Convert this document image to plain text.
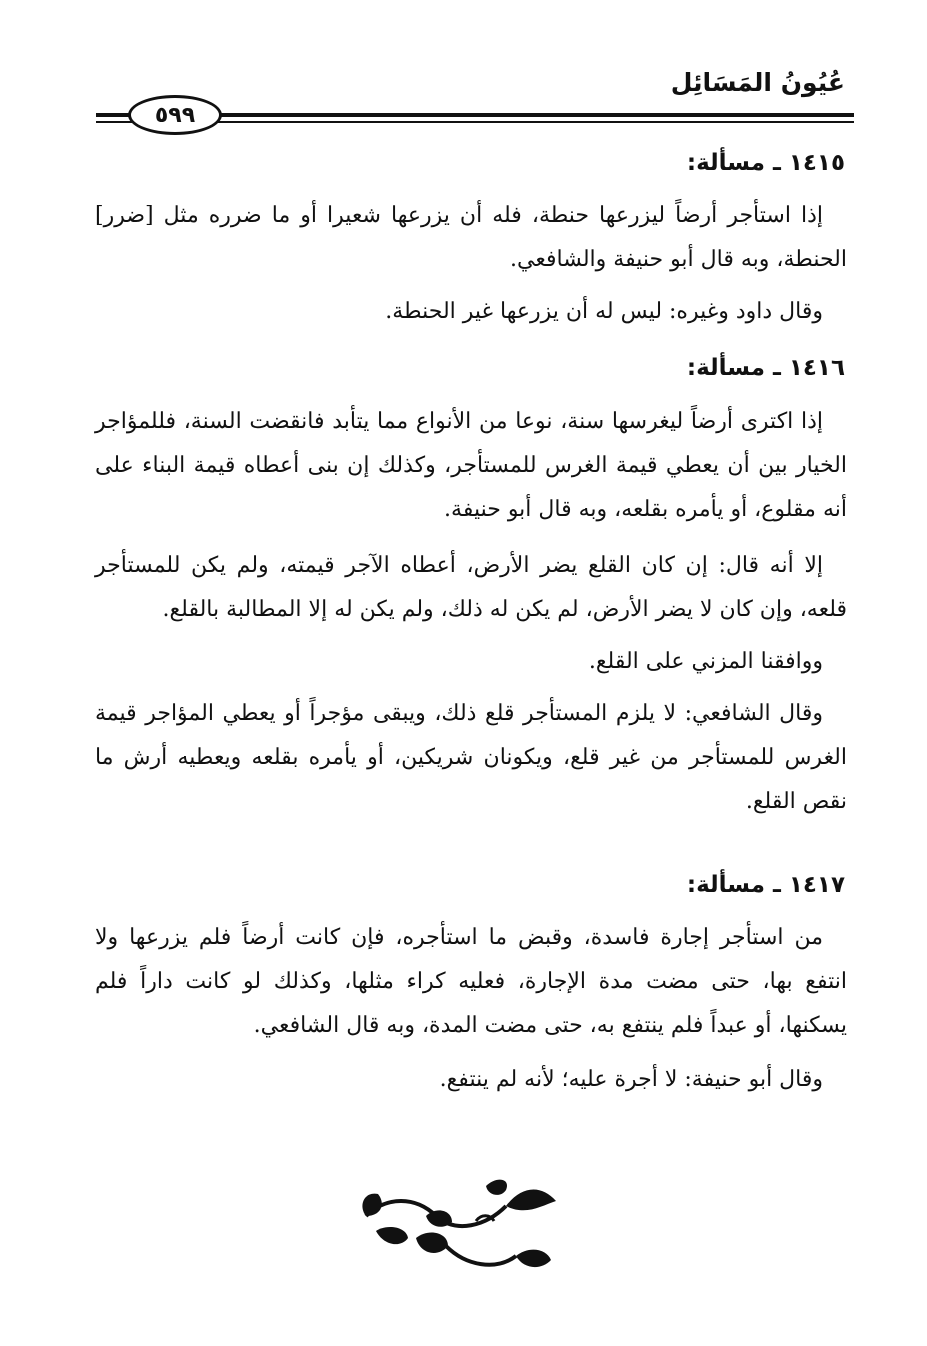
عُيُونُ المَسَائِل
٥٩٩
١٤١٥ ـ مسألة:

إذا استأجر أرضاً ليزرعها حنطة، فله أن يزرعها شعيرا أو ما ضرره مثل [ضرر] الحنطة، وبه قال أبو حنيفة والشافعي.

وقال داود وغيره: ليس له أن يزرعها غير الحنطة.

١٤١٦ ـ مسألة:

إذا اكترى أرضاً ليغرسها سنة، نوعا من الأنواع مما يتأبد فانقضت السنة، فللمؤاجر الخيار بين أن يعطي قيمة الغرس للمستأجر، وكذلك إن بنى أعطاه قيمة البناء على أنه مقلوع، أو يأمره بقلعه، وبه قال أبو حنيفة.

إلا أنه قال: إن كان القلع يضر الأرض، أعطاه الآجر قيمته، ولم يكن للمستأجر قلعه، وإن كان لا يضر الأرض، لم يكن له ذلك، ولم يكن له إلا المطالبة بالقلع.

ووافقنا المزني على القلع.

وقال الشافعي: لا يلزم المستأجر قلع ذلك، ويبقى مؤجراً أو يعطي المؤاجر قيمة الغرس للمستأجر من غير قلع، ويكونان شريكين، أو يأمره بقلعه ويعطيه أرش ما نقص القلع.

١٤١٧ ـ مسألة:

من استأجر إجارة فاسدة، وقبض ما استأجره، فإن كانت أرضاً فلم يزرعها ولا انتفع بها، حتى مضت مدة الإجارة، فعليه كراء مثلها، وكذلك لو كانت داراً فلم يسكنها، أو عبداً فلم ينتفع به، حتى مضت المدة، وبه قال الشافعي.

وقال أبو حنيفة: لا أجرة عليه؛ لأنه لم ينتفع.
